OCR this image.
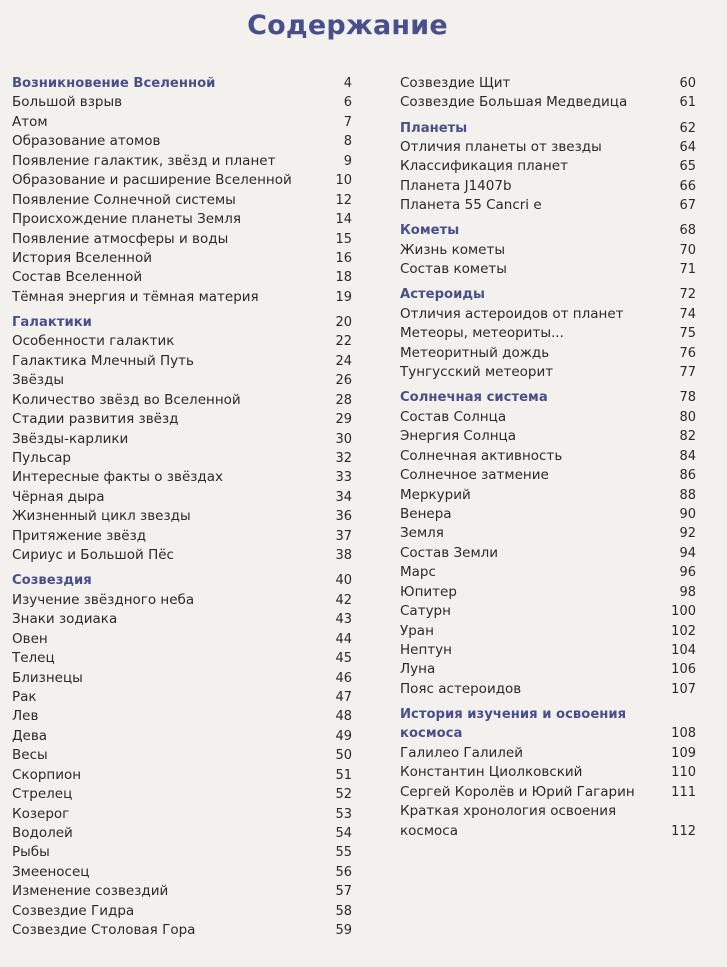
Содержание
Возникновение Вселенной	4
Большой взрыв	6
Атом	7
Образование атомов	8
Появление галактик, звёзд и планет	9
Образование и расширение Вселенной	10
Появление Солнечной системы	12
Происхождение планеты Земля	14
Появление атмосферы и воды	15
История Вселенной	16
Состав Вселенной	18
Тёмная энергия и тёмная материя	19
Галактики	20
Особенности галактик	22
Галактика Млечный Путь	24
Звёзды	26
Количество звёзд во Вселенной	28
Стадии развития звёзд	29
Звёзды-карлики	30
Пульсар	32
Интересные факты о звёздах	33
Чёрная дыра	34
Жизненный цикл звезды	36
Притяжение звёзд	37
Сириус и Большой Пёс	38
Созвездия	40
Изучение звёздного неба	42
Знаки зодиака	43
Овен	44
Телец	45
Близнецы	46
Рак	47
Лев	48
Дева	49
Весы	50
Скорпион	51
Стрелец	52
Козерог	53
Водолей	54
Рыбы	55
Змееносец	56
Изменение созвездий	57
Созвездие Гидра	58
Созвездие Столовая Гора	59
Созвездие Щит	60
Созвездие Большая Медведица	61
Планеты	62
Отличия планеты от звезды	64
Классификация планет	65
Планета J1407b	66
Планета 55 Cancri e	67
Кометы	68
Жизнь кометы	70
Состав кометы	71
Астероиды	72
Отличия астероидов от планет	74
Метеоры, метеориты...	75
Метеоритный дождь	76
Тунгусский метеорит	77
Солнечная система	78
Состав Солнца	80
Энергия Солнца	82
Солнечная активность	84
Солнечное затмение	86
Меркурий	88
Венера	90
Земля	92
Состав Земли	94
Марс	96
Юпитер	98
Сатурн	100
Уран	102
Нептун	104
Луна	106
Пояс астероидов	107
История изучения и освоения космоса	108
Галилео Галилей	109
Константин Циолковский	110
Сергей Королёв и Юрий Гагарин	111
Краткая хронология освоения космоса	112
